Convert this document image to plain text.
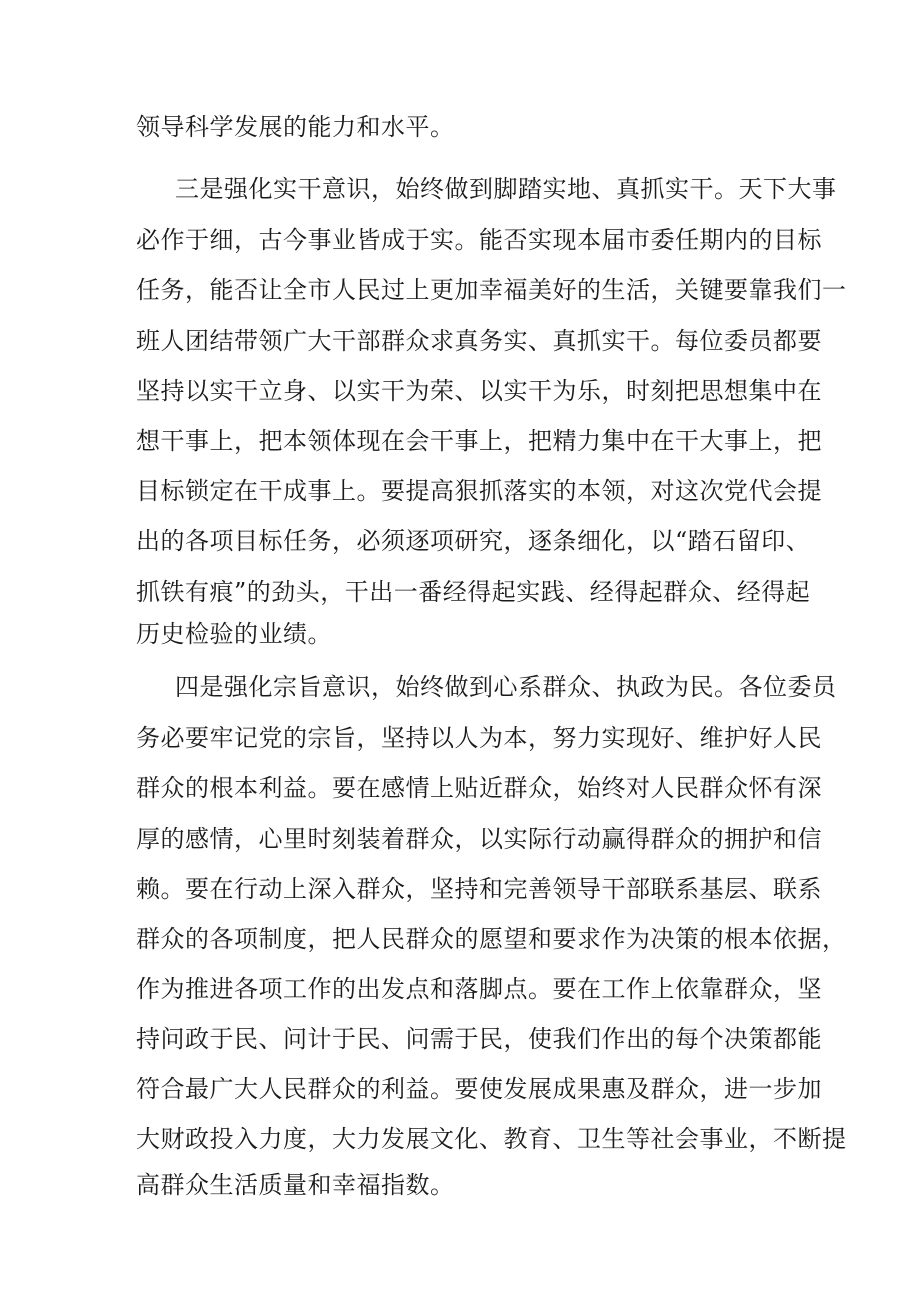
领导科学发展的能力和水平。
三是强化实干意识，始终做到脚踏实地、真抓实干。天下大事
必作于细，古今事业皆成于实。能否实现本届市委任期内的目标
任务，能否让全市人民过上更加幸福美好的生活，关键要靠我们一
班人团结带领广大干部群众求真务实、真抓实干。每位委员都要
坚持以实干立身、以实干为荣、以实干为乐，时刻把思想集中在
想干事上，把本领体现在会干事上，把精力集中在干大事上，把
目标锁定在干成事上。要提高狠抓落实的本领，对这次党代会提
出的各项目标任务，必须逐项研究，逐条细化，以“踏石留印、
抓铁有痕”的劲头，干出一番经得起实践、经得起群众、经得起
历史检验的业绩。
四是强化宗旨意识，始终做到心系群众、执政为民。各位委员
务必要牢记党的宗旨，坚持以人为本，努力实现好、维护好人民
群众的根本利益。要在感情上贴近群众，始终对人民群众怀有深
厚的感情，心里时刻装着群众，以实际行动赢得群众的拥护和信
赖。要在行动上深入群众，坚持和完善领导干部联系基层、联系
群众的各项制度，把人民群众的愿望和要求作为决策的根本依据，
作为推进各项工作的出发点和落脚点。要在工作上依靠群众，坚
持问政于民、问计于民、问需于民，使我们作出的每个决策都能
符合最广大人民群众的利益。要使发展成果惠及群众，进一步加
大财政投入力度，大力发展文化、教育、卫生等社会事业，不断提
高群众生活质量和幸福指数。
